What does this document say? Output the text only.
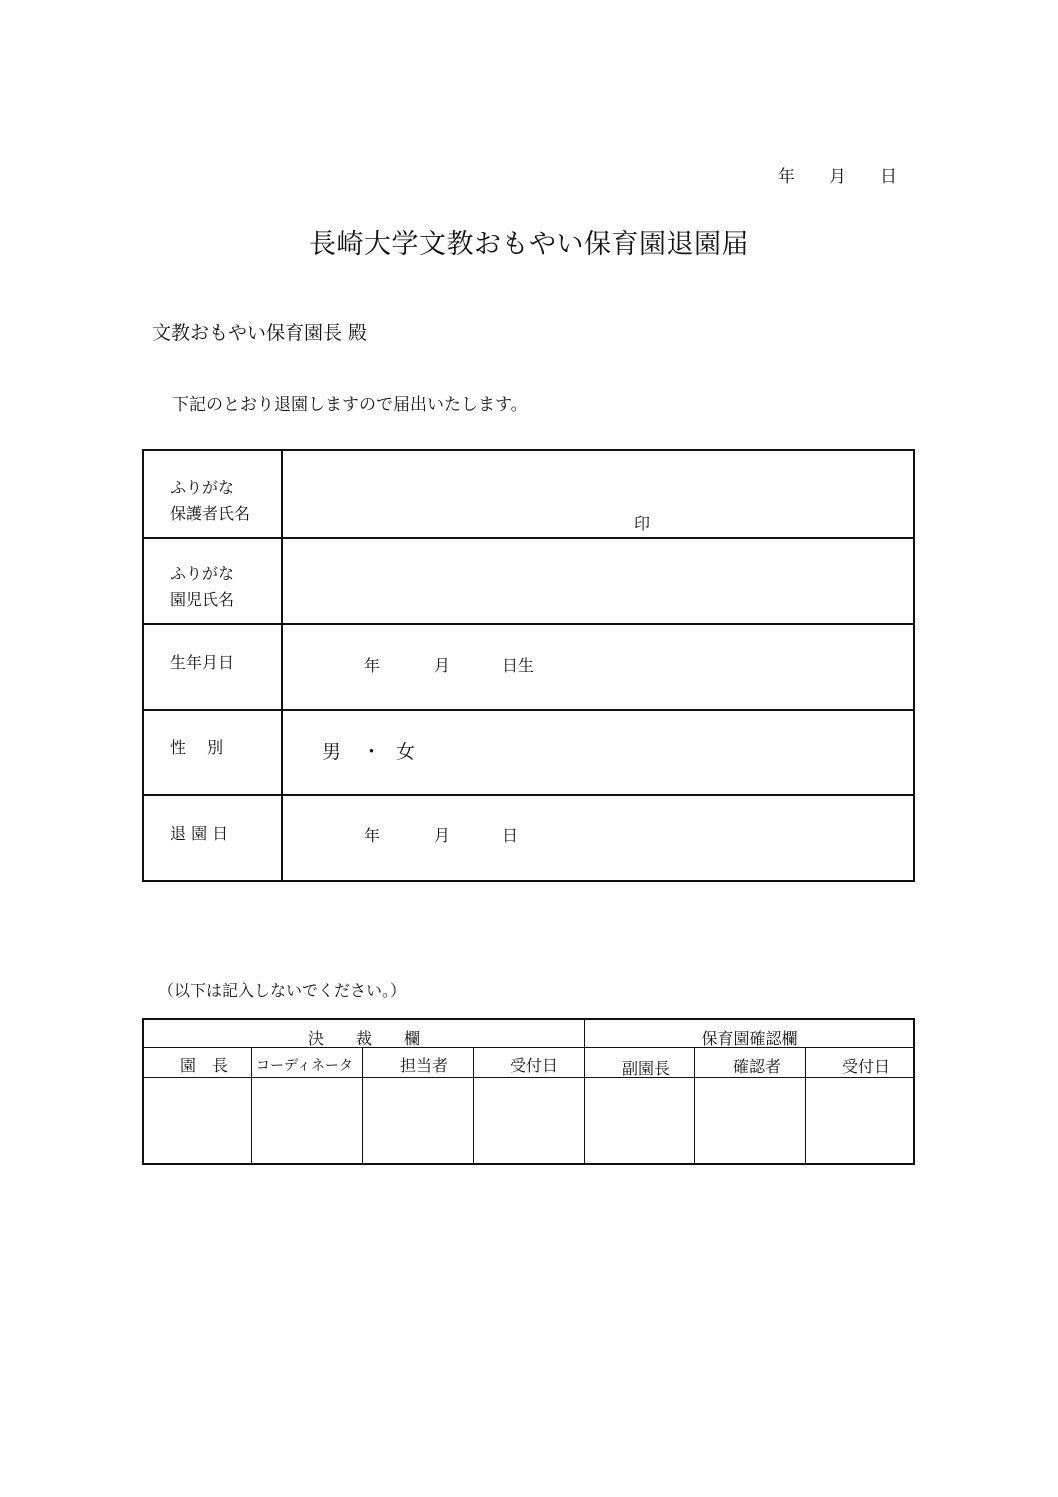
年 月 日
長崎大学文教おもやい保育園退園届
文教おもやい保育園長 殿
下記のとおり退園しますので届出いたします。
ふりがな
保護者氏名
印
ふりがな
園児氏名
生年月日	年	月	日生
性　 別	男 ・ 女
退 園 日	年	月	日
（以下は記入しないでください。）
決　　裁　　欄	保育園確認欄
園　長 コーディネータ	担当者	受付日	副園長	確認者	受付日
